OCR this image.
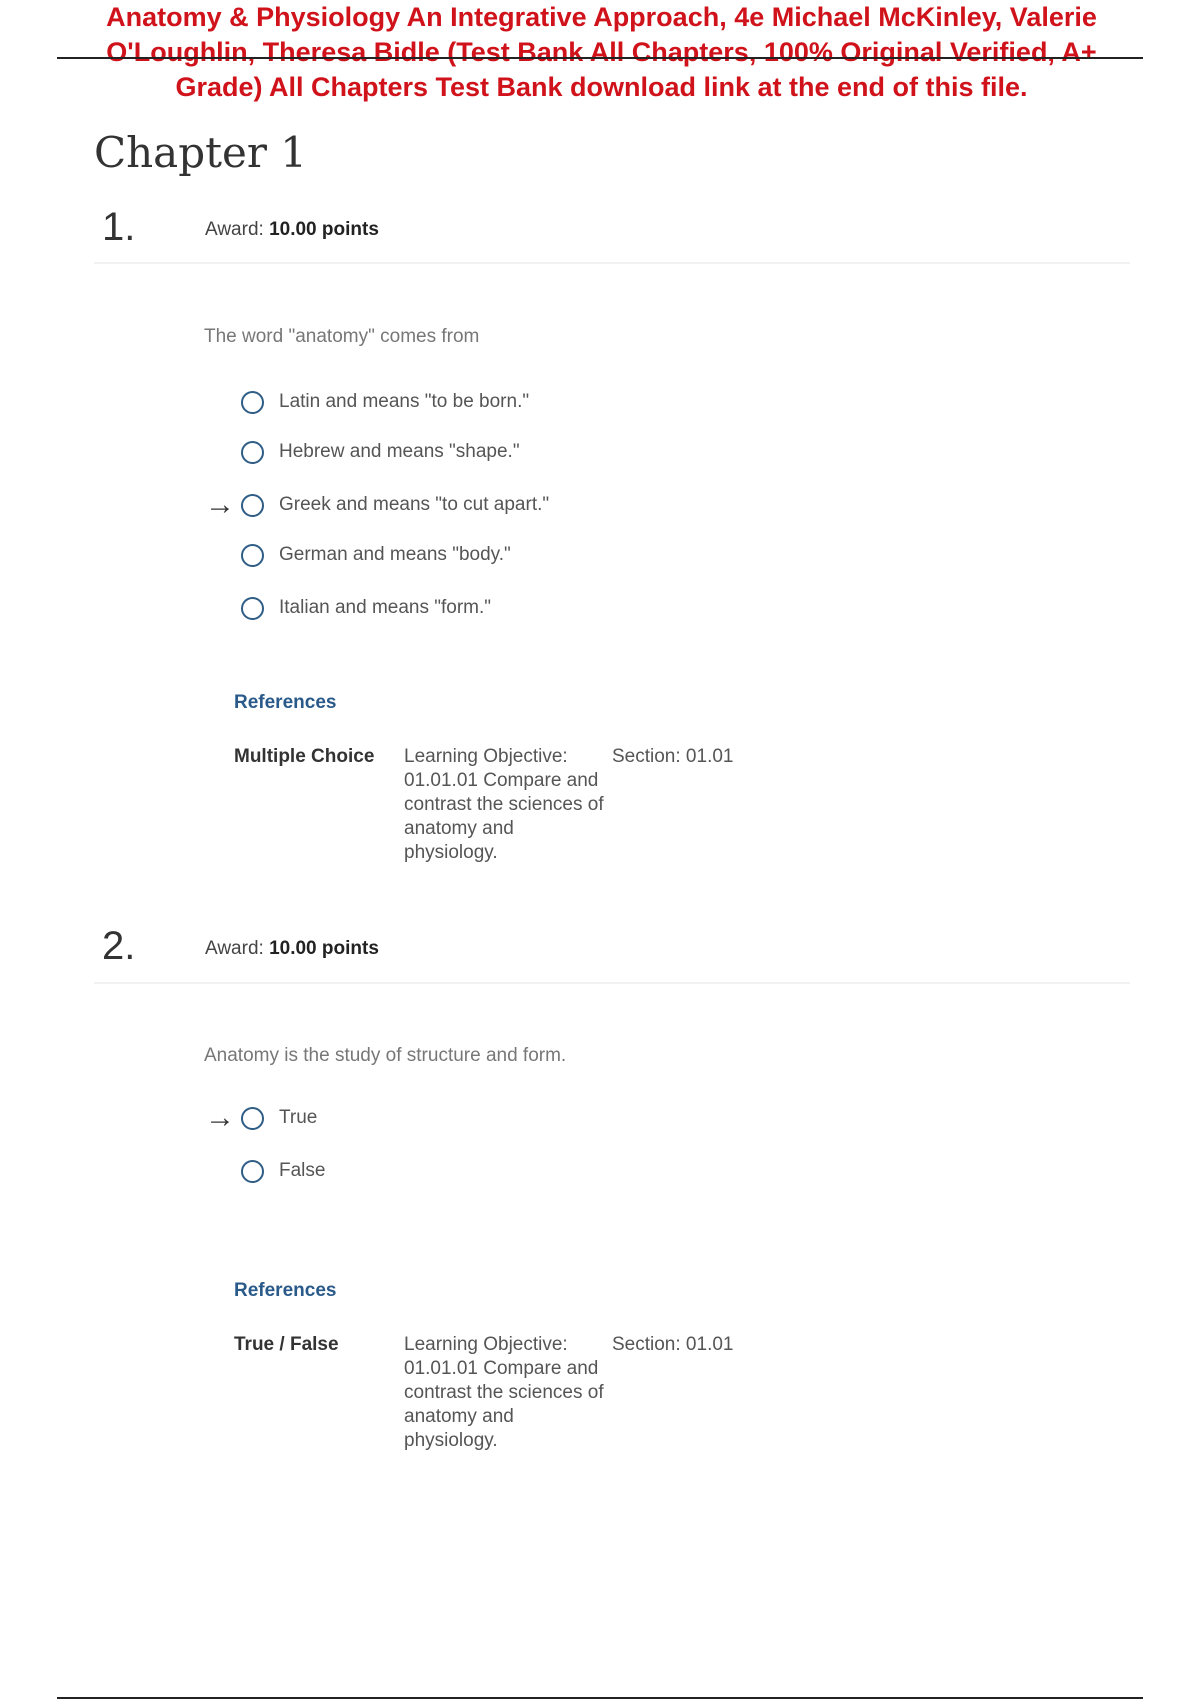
Anatomy & Physiology An Integrative Approach, 4e Michael McKinley, Valerie
O'Loughlin, Theresa Bidle (Test Bank All Chapters, 100% Original Verified, A+
Grade) All Chapters Test Bank download link at the end of this file.
Chapter 1
1.	Award: 10.00 points
The word "anatomy" comes from
Latin and means "to be born."
Hebrew and means "shape."
→	Greek and means "to cut apart."
German and means "body."
Italian and means "form."
References
Multiple Choice Learning Objective: 01.01.01 Compare and contrast the sciences of anatomy and physiology.
Section: 01.01
2.	Award: 10.00 points
Anatomy is the study of structure and form.
→	True
False
References
True / False	Learning Objective: 01.01.01 Compare and contrast the sciences of anatomy and physiology.
Section: 01.01
